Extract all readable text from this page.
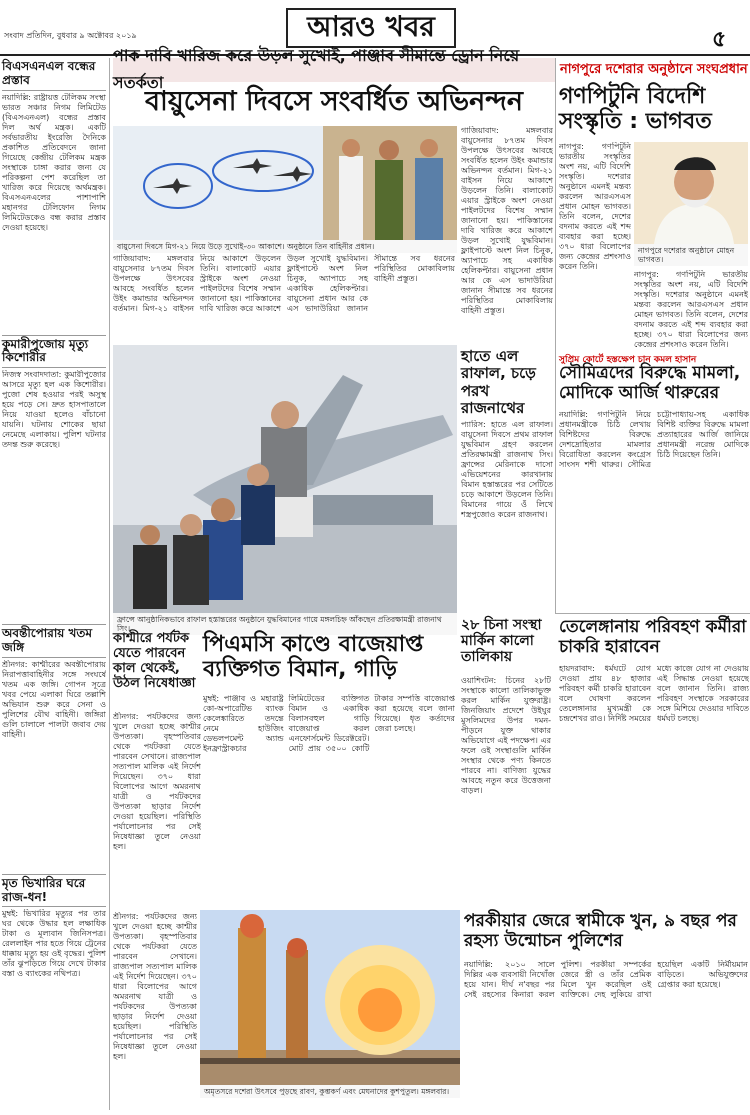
সংবাদ প্রতিদিন, বুধবার ৯ অক্টোবর ২০১৯	আরও খবর	৫
বিএসএনএল বন্ধের প্রস্তাব
নয়াদিল্লি: রাষ্ট্রায়ত্ত টেলিকম সংস্থা ভারত সঞ্চার নিগম লিমিটেড (বিএসএনএল) বন্ধের প্রস্তাব দিল অর্থ মন্ত্রক। একটি সর্বভারতীয় ইংরেজি দৈনিকে প্রকাশিত প্রতিবেদনে জানা গিয়েছে কেন্দ্রীয় টেলিকম মন্ত্রক সংস্থাকে চাঙ্গা করার জন্য যে পরিকল্পনা পেশ করেছিল তা খারিজ করে দিয়েছে অর্থমন্ত্রক। বিএসএনএলের পাশাপাশি মহানগর টেলিফোন নিগম লিমিটেডকেও বন্ধ করার প্রস্তাব দেওয়া হয়েছে।
কুমারীপুজোয় মৃত্যু কিশোরীর
নিজস্ব সংবাদদাতা: কুমারীপুজোর আসরে মৃত্যু হল এক কিশোরীর। পুজো শেষ হওয়ার পরই অসুস্থ হয়ে পড়ে সে। দ্রুত হাসপাতালে নিয়ে যাওয়া হলেও বাঁচানো যায়নি। ঘটনায় শোকের ছায়া নেমেছে এলাকায়। পুলিশ ঘটনার তদন্ত শুরু করেছে।
অবন্তীপোরায় খতম জঙ্গি
শ্রীনগর: কাশ্মীরের অবন্তীপোরায় নিরাপত্তাবাহিনীর সঙ্গে সংঘর্ষে খতম এক জঙ্গি। গোপন সূত্রে খবর পেয়ে এলাকা ঘিরে তল্লাশি অভিযান শুরু করে সেনা ও পুলিশের যৌথ বাহিনী। জঙ্গিরা গুলি চালালে পালটা জবাব দেয় বাহিনী।
মৃত ভিখারির ঘরে রাজ-ধন!
মুম্বই: ভিখারির মৃত্যুর পর তার ঘর থেকে উদ্ধার হল লক্ষাধিক টাকা ও মূল্যবান জিনিসপত্র। রেললাইন পার হতে গিয়ে ট্রেনের ধাক্কায় মৃত্যু হয় ওই বৃদ্ধের। পুলিশ তাঁর ঝুপড়িতে গিয়ে দেখে টাকার বস্তা ও ব্যাংকের নথিপত্র।
সতর্কতা
বায়ুসেনা দিবসে সংবর্ধিত অভিনন্দন
বায়ুসেনা দিবসে মিগ-২১ নিয়ে উড়ে সুখোই-৩০ আকাশে। অনুষ্ঠানে তিন বাহিনীর প্রধান।
গাজিয়াবাদ: মঙ্গলবার বায়ুসেনার ৮৭তম দিবস উপলক্ষে উৎসবের আবহে সংবর্ধিত হলেন উইং কমান্ডার অভিনন্দন বর্তমান। মিগ-২১ বাইসন নিয়ে আকাশে উড়লেন তিনি। বালাকোট এয়ার স্ট্রাইকে অংশ নেওয়া পাইলটদের বিশেষ সম্মান জানানো হয়। পাকিস্তানের দাবি খারিজ করে আকাশে উড়ল সুখোই যুদ্ধবিমান। ফ্লাইপাস্টে অংশ নিল চিনুক, অ্যাপাচে সহ একাধিক হেলিকপ্টার। বায়ুসেনা প্রধান আর কে এস ভাদাউরিয়া জানান সীমান্তে সব ধরনের পরিস্থিতির মোকাবিলায় বাহিনী প্রস্তুত।
গাজিয়াবাদ: মঙ্গলবার বায়ুসেনার ৮৭তম দিবস উপলক্ষে উৎসবের আবহে সংবর্ধিত হলেন উইং কমান্ডার অভিনন্দন বর্তমান। মিগ-২১ বাইসন নিয়ে আকাশে উড়লেন তিনি। বালাকোট এয়ার স্ট্রাইকে অংশ নেওয়া পাইলটদের বিশেষ সম্মান জানানো হয়। পাকিস্তানের দাবি খারিজ করে আকাশে উড়ল সুখোই যুদ্ধবিমান। ফ্লাইপাস্টে অংশ নিল চিনুক, অ্যাপাচে সহ একাধিক হেলিকপ্টার। বায়ুসেনা প্রধান আর কে এস ভাদাউরিয়া জানান সীমান্তে সব ধরনের পরিস্থিতির মোকাবিলায় বাহিনী প্রস্তুত।
ফ্রান্সে আনুষ্ঠানিকভাবে রাফাল হস্তান্তরের অনুষ্ঠানে যুদ্ধবিমানের গায়ে মঙ্গলচিহ্ন আঁকছেন প্রতিরক্ষামন্ত্রী রাজনাথ সিং।
হাতে এল রাফাল, চড়ে পরখ রাজনাথের
প্যারিস: হাতে এল রাফাল। বায়ুসেনা দিবসে প্রথম রাফাল যুদ্ধবিমান গ্রহণ করলেন প্রতিরক্ষামন্ত্রী রাজনাথ সিং। ফ্রান্সের মেরিনাকে দাসো এভিয়েশনের কারখানায় বিমান হস্তান্তরের পর সেটিতে চড়ে আকাশে উড়লেন তিনি। বিমানের গায়ে ওঁ লিখে শস্ত্রপুজোও করেন রাজনাথ।
কাশ্মীরে পর্যটক যেতে পারবেন কাল থেকেই, উঠল নিষেধাজ্ঞা
শ্রীনগর: পর্যটকদের জন্য খুলে দেওয়া হচ্ছে কাশ্মীর উপত্যকা। বৃহস্পতিবার থেকে পর্যটকরা যেতে পারবেন সেখানে। রাজ্যপাল সত্যপাল মালিক এই নির্দেশ দিয়েছেন। ৩৭০ ধারা বিলোপের আগে অমরনাথ যাত্রী ও পর্যটকদের উপত্যকা ছাড়ার নির্দেশ দেওয়া হয়েছিল। পরিস্থিতি পর্যালোচনার পর সেই নিষেধাজ্ঞা তুলে নেওয়া হল।
পিএমসি কাণ্ডে বাজেয়াপ্ত ব্যক্তিগত বিমান, গাড়ি
মুম্বই: পাঞ্জাব ও মহারাষ্ট্র কো-অপারেটিভ ব্যাংক কেলেঙ্কারিতে তদন্তে নেমে হাউজিং ডেভলপমেন্ট অ্যান্ড ইনফ্রাস্ট্রাকচার লিমিটেডের ব্যক্তিগত বিমান ও একাধিক বিলাসবহুল গাড়ি বাজেয়াপ্ত করল এনফোর্সমেন্ট ডিরেক্টরেট। মোট প্রায় ৩৫০০ কোটি টাকার সম্পত্তি বাজেয়াপ্ত করা হয়েছে বলে জানা গিয়েছে। ধৃত কর্তাদের জেরা চলছে।
২৮ চিনা সংস্থা মার্কিন কালো তালিকায়
ওয়াশিংটন: চিনের ২৮টি সংস্থাকে কালো তালিকাভুক্ত করল মার্কিন যুক্তরাষ্ট্র। জিনজিয়াং প্রদেশে উইঘুর মুসলিমদের উপর দমন-পীড়নে যুক্ত থাকার অভিযোগে এই পদক্ষেপ। এর ফলে ওই সংস্থাগুলি মার্কিন সংস্থার থেকে পণ্য কিনতে পারবে না। বাণিজ্য যুদ্ধের আবহে নতুন করে উত্তেজনা বাড়ল।
নাগপুরে দশেরার অনুষ্ঠানে সংঘপ্রধান
গণপিটুনি বিদেশি সংস্কৃতি : ভাগবত
নাগপুর: গণপিটুনি ভারতীয় সংস্কৃতির অংশ নয়, এটি বিদেশি সংস্কৃতি। দশেরার অনুষ্ঠানে এমনই মন্তব্য করলেন আরএসএস প্রধান মোহন ভাগবত। তিনি বলেন, দেশের বদনাম করতে এই শব্দ ব্যবহার করা হচ্ছে। ৩৭০ ধারা বিলোপের জন্য কেন্দ্রের প্রশংসাও করেন তিনি।
নাগপুরে দশেরার অনুষ্ঠানে মোহন ভাগবত।
নাগপুর: গণপিটুনি ভারতীয় সংস্কৃতির অংশ নয়, এটি বিদেশি সংস্কৃতি। দশেরার অনুষ্ঠানে এমনই মন্তব্য করলেন আরএসএস প্রধান মোহন ভাগবত। তিনি বলেন, দেশের বদনাম করতে এই শব্দ ব্যবহার করা হচ্ছে। ৩৭০ ধারা বিলোপের জন্য কেন্দ্রের প্রশংসাও করেন তিনি।
সুপ্রিম কোর্টে হস্তক্ষেপ চান কমল হাসান
সৌমিত্রদের বিরুদ্ধে মামলা, মোদিকে আর্জি থারুরের
নয়াদিল্লি: গণপিটুনি নিয়ে প্রধানমন্ত্রীকে চিঠি লেখায় বিশিষ্টদের বিরুদ্ধে দেশদ্রোহিতার মামলার বিরোধিতা করলেন কংগ্রেস সাংসদ শশী থারুর। সৌমিত্র চট্টোপাধ্যায়-সহ একাধিক বিশিষ্ট ব্যক্তির বিরুদ্ধে মামলা প্রত্যাহারের আর্জি জানিয়ে প্রধানমন্ত্রী নরেন্দ্র মোদিকে চিঠি দিয়েছেন তিনি।
তেলেঙ্গানায় পরিবহণ কর্মীরা চাকরি হারাবেন
হায়দরাবাদ: ধর্মঘটে যোগ দেওয়া প্রায় ৪৮ হাজার পরিবহণ কর্মী চাকরি হারাবেন বলে ঘোষণা করলেন তেলেঙ্গানার মুখ্যমন্ত্রী কে চন্দ্রশেখর রাও। নির্দিষ্ট সময়ের মধ্যে কাজে যোগ না দেওয়ায় এই সিদ্ধান্ত নেওয়া হয়েছে বলে জানান তিনি। রাজ্য পরিবহণ সংস্থাকে সরকারের সঙ্গে মিশিয়ে দেওয়ার দাবিতে ধর্মঘট চলছে।
অমৃতসরে দশেরা উৎসবে পুড়ছে রাবণ, কুম্ভকর্ণ এবং মেঘনাদের কুশপুতুল। মঙ্গলবার।
পরকীয়ার জেরে স্বামীকে খুন, ৯ বছর পর রহস্য উন্মোচন পুলিশের
নয়াদিল্লি: ২০১০ সালে দিল্লির এক ব্যবসায়ী নিখোঁজ হয়ে যান। দীর্ঘ ন'বছর পর সেই রহস্যের কিনারা করল পুলিশ। পরকীয়া সম্পর্কের জেরে স্ত্রী ও তাঁর প্রেমিক মিলে খুন করেছিল ওই ব্যক্তিকে। দেহ লুকিয়ে রাখা হয়েছিল একটি নির্মীয়মান বাড়িতে। অভিযুক্তদের গ্রেপ্তার করা হয়েছে।
শ্রীনগর: পর্যটকদের জন্য খুলে দেওয়া হচ্ছে কাশ্মীর উপত্যকা। বৃহস্পতিবার থেকে পর্যটকরা যেতে পারবেন সেখানে। রাজ্যপাল সত্যপাল মালিক এই নির্দেশ দিয়েছেন। ৩৭০ ধারা বিলোপের আগে অমরনাথ যাত্রী ও পর্যটকদের উপত্যকা ছাড়ার নির্দেশ দেওয়া হয়েছিল। পরিস্থিতি পর্যালোচনার পর সেই নিষেধাজ্ঞা তুলে নেওয়া হল।
